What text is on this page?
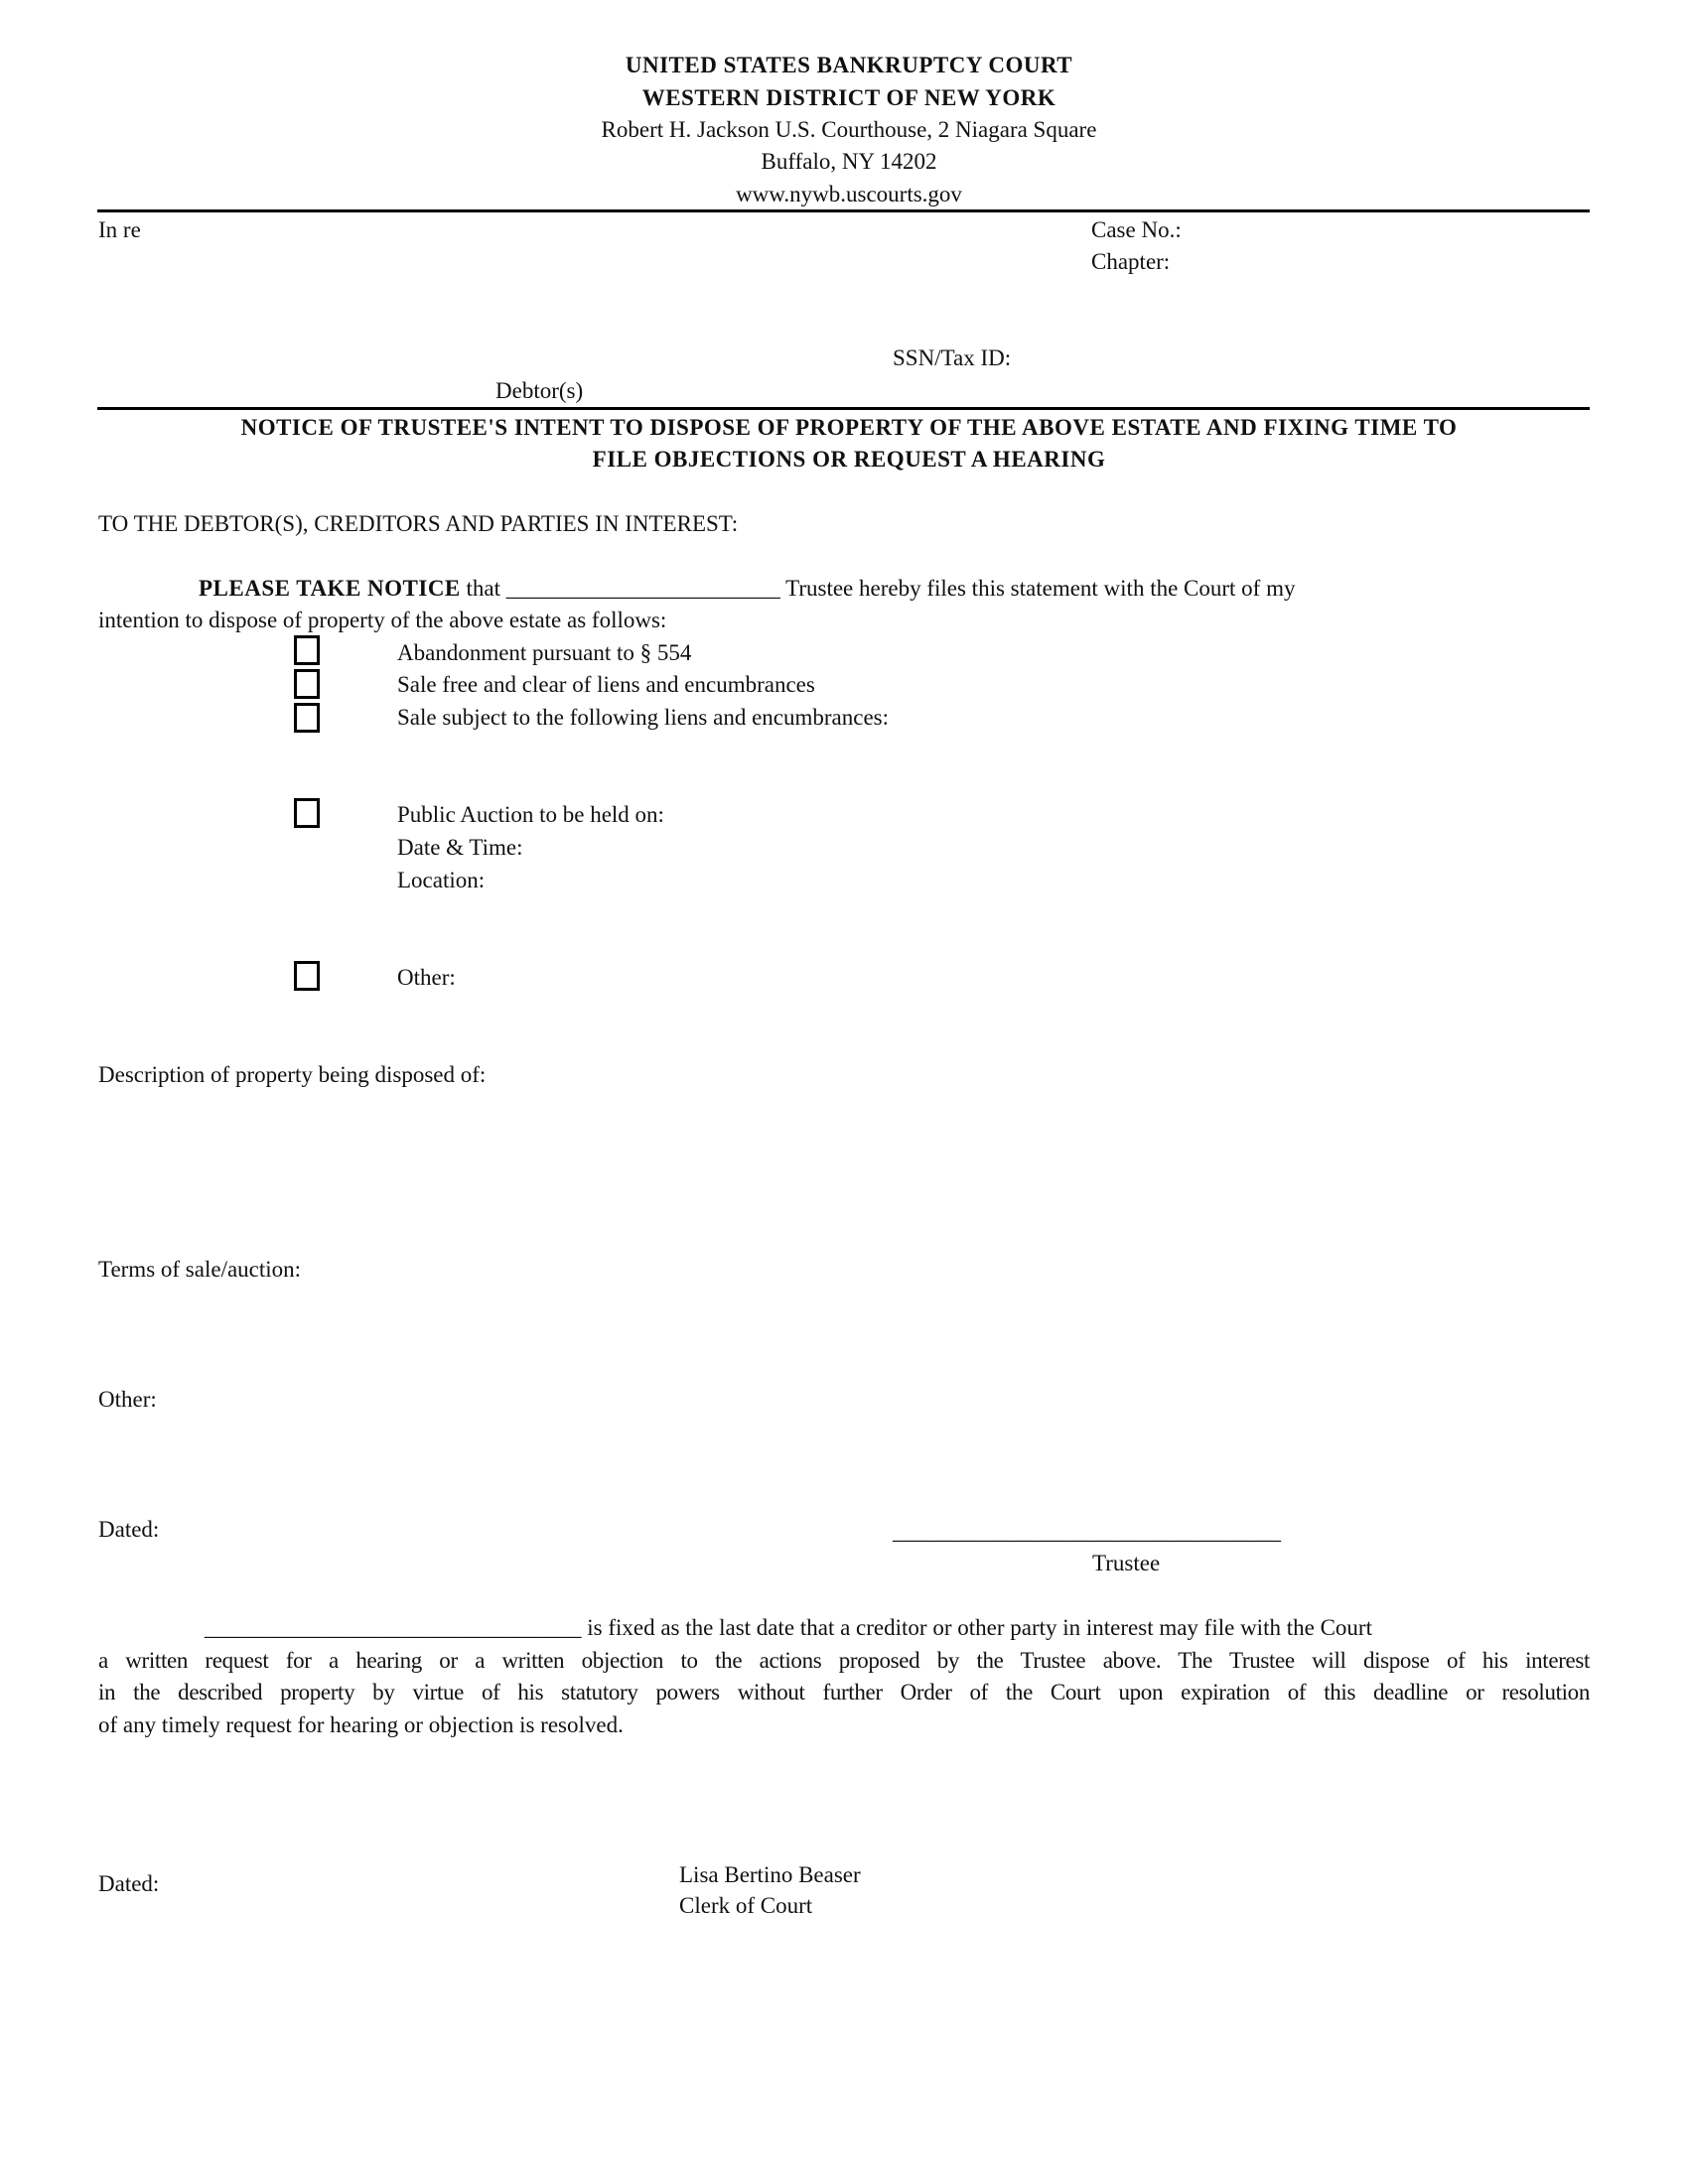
UNITED STATES BANKRUPTCY COURT
WESTERN DISTRICT OF NEW YORK
Robert H. Jackson U.S. Courthouse, 2 Niagara Square
Buffalo, NY 14202
www.nywb.uscourts.gov
In re	Case No.:
Chapter:
SSN/Tax ID:
Debtor(s)
NOTICE OF TRUSTEE'S INTENT TO DISPOSE OF PROPERTY OF THE ABOVE ESTATE AND FIXING TIME TO
FILE OBJECTIONS OR REQUEST A HEARING
TO THE DEBTOR(S), CREDITORS AND PARTIES IN INTEREST:
PLEASE TAKE NOTICE that ________________________ Trustee hereby files this statement with the Court of my
intention to dispose of property of the above estate as follows:
Abandonment pursuant to § 554
Sale free and clear of liens and encumbrances
Sale subject to the following liens and encumbrances:
Public Auction to be held on:
Date & Time:
Location:
Other:
Description of property being disposed of:
Terms of sale/auction:
Other:
Dated:	__________________________________
Trustee

_________________________________ is fixed as the last date that a creditor or other party in interest may file with the Court

a written request for a hearing or a written objection to the actions proposed by the Trustee above. The Trustee will dispose of his interest

in the described property by virtue of his statutory powers without further Order of the Court upon expiration of this deadline or resolution

of any timely request for hearing or objection is resolved.

Dated:	Lisa Bertino Beaser
Clerk of Court
